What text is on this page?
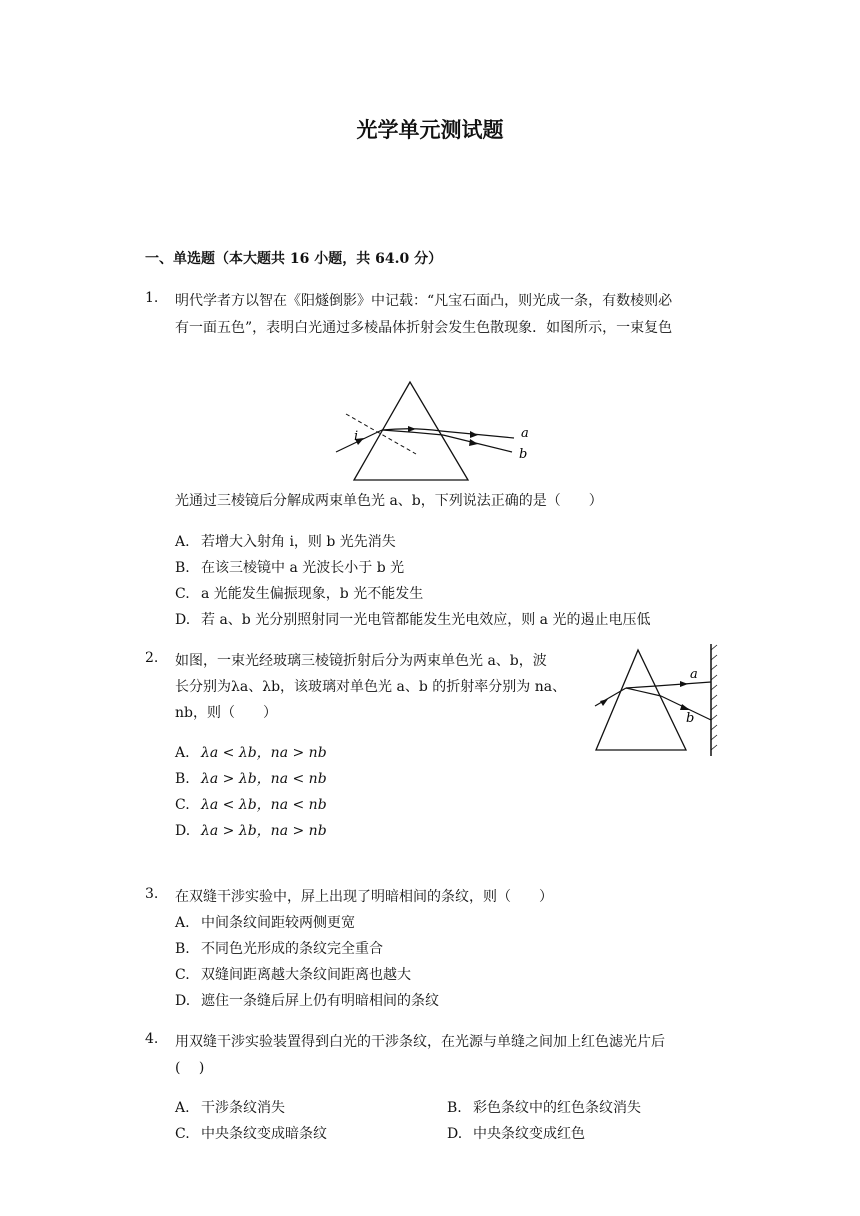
光学单元测试题
一、单选题（本大题共 16 小题，共 64.0 分）
1. 明代学者方以智在《阳燧倒影》中记载：“凡宝石面凸，则光成一条，有数棱则必
有一面五色”，表明白光通过多棱晶体折射会发生色散现象．如图所示，一束复色
i	a
b
光通过三棱镜后分解成两束单色光 a、b，下列说法正确的是（　　）
A. 若增大入射角 i，则 b 光先消失
B. 在该三棱镜中 a 光波长小于 b 光
C. a 光能发生偏振现象，b 光不能发生
D. 若 a、b 光分别照射同一光电管都能发生光电效应，则 a 光的遏止电压低
2. 如图，一束光经玻璃三棱镜折射后分为两束单色光 a、b，波
长分别为λa、λb，该玻璃对单色光 a、b 的折射率分别为 na、
nb，则（　　）
a
b
A. λa < λb，na > nb
B. λa > λb，na < nb
C. λa < λb，na < nb
D. λa > λb，na > nb
3. 在双缝干涉实验中，屏上出现了明暗相间的条纹，则（　　）
A. 中间条纹间距较两侧更宽
B. 不同色光形成的条纹完全重合
C. 双缝间距离越大条纹间距离也越大
D. 遮住一条缝后屏上仍有明暗相间的条纹
4. 用双缝干涉实验装置得到白光的干涉条纹，在光源与单缝之间加上红色滤光片后
(　 )
A. 干涉条纹消失	B. 彩色条纹中的红色条纹消失
C. 中央条纹变成暗条纹	D. 中央条纹变成红色
